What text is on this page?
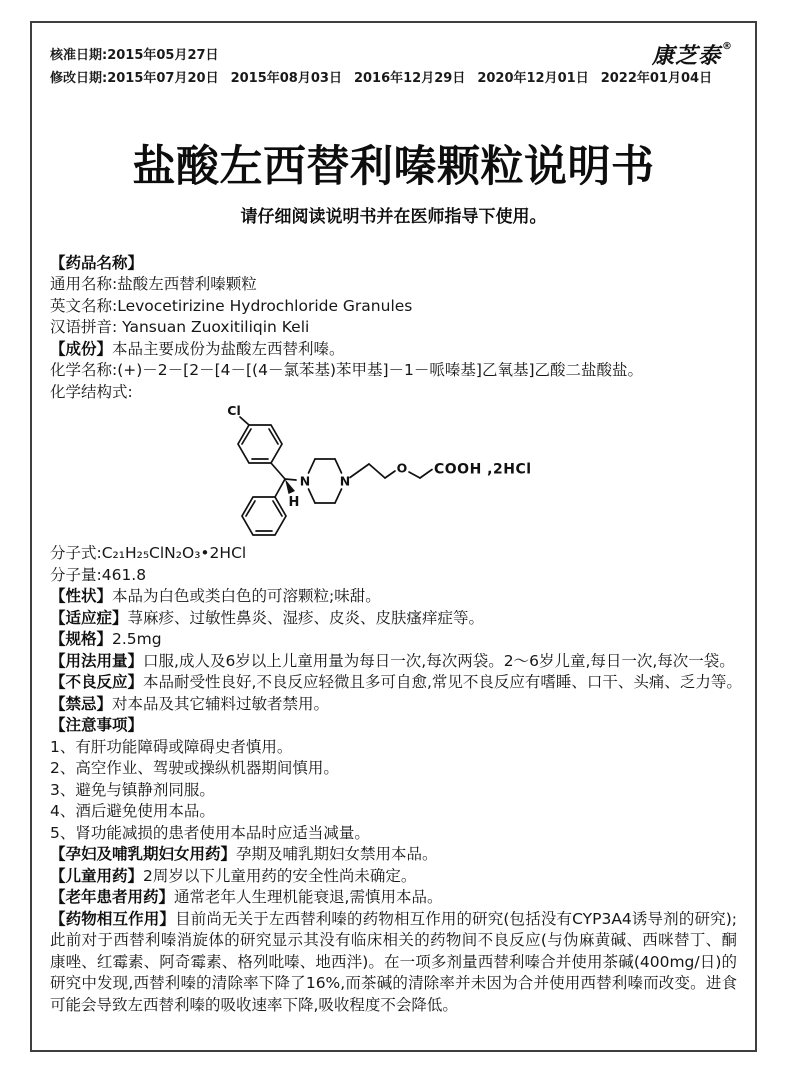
核准日期:2015年05月27日
修改日期: 2015年07月20日 2015年08月03日 2016年12月29日 2020年12月01日 2022年01月04日
康芝泰®
盐酸左西替利嗪颗粒说明书
请仔细阅读说明书并在医师指导下使用。
【药品名称】
通用名称:盐酸左西替利嗪颗粒
英文名称:Levocetirizine Hydrochloride Granules
汉语拼音: Yansuan Zuoxitiliqin Keli
【成份】本品主要成份为盐酸左西替利嗪。
化学名称:(+)－2－[2－[4－[(4－氯苯基)苯甲基]－1－哌嗪基]乙氧基]乙酸二盐酸盐。
化学结构式:
Cl
H
N N
O COOH ,2HCl
分子式:C₂₁H₂₅ClN₂O₃•2HCl
分子量:461.8
【性状】本品为白色或类白色的可溶颗粒;味甜。
【适应症】荨麻疹、过敏性鼻炎、湿疹、皮炎、皮肤瘙痒症等。
【规格】2.5mg
【用法用量】口服,成人及6岁以上儿童用量为每日一次,每次两袋。2～6岁儿童,每日一次,每次一袋。
【不良反应】本品耐受性良好,不良反应轻微且多可自愈,常见不良反应有嗜睡、口干、头痛、乏力等。
【禁忌】对本品及其它辅料过敏者禁用。
【注意事项】
1、有肝功能障碍或障碍史者慎用。
2、高空作业、驾驶或操纵机器期间慎用。
3、避免与镇静剂同服。
4、酒后避免使用本品。
5、肾功能减损的患者使用本品时应适当减量。
【孕妇及哺乳期妇女用药】孕期及哺乳期妇女禁用本品。
【儿童用药】2周岁以下儿童用药的安全性尚未确定。
【老年患者用药】通常老年人生理机能衰退,需慎用本品。
【药物相互作用】目前尚无关于左西替利嗪的药物相互作用的研究(包括没有CYP3A4诱导剂的研究);此前对于西替利嗪消旋体的研究显示其没有临床相关的药物间不良反应(与伪麻黄碱、西咪替丁、酮康唑、红霉素、阿奇霉素、格列吡嗪、地西泮)。在一项多剂量西替利嗪合并使用茶碱(400mg/日)的研究中发现,西替利嗪的清除率下降了16%,而茶碱的清除率并未因为合并使用西替利嗪而改变。进食可能会导致左西替利嗪的吸收速率下降,吸收程度不会降低。
